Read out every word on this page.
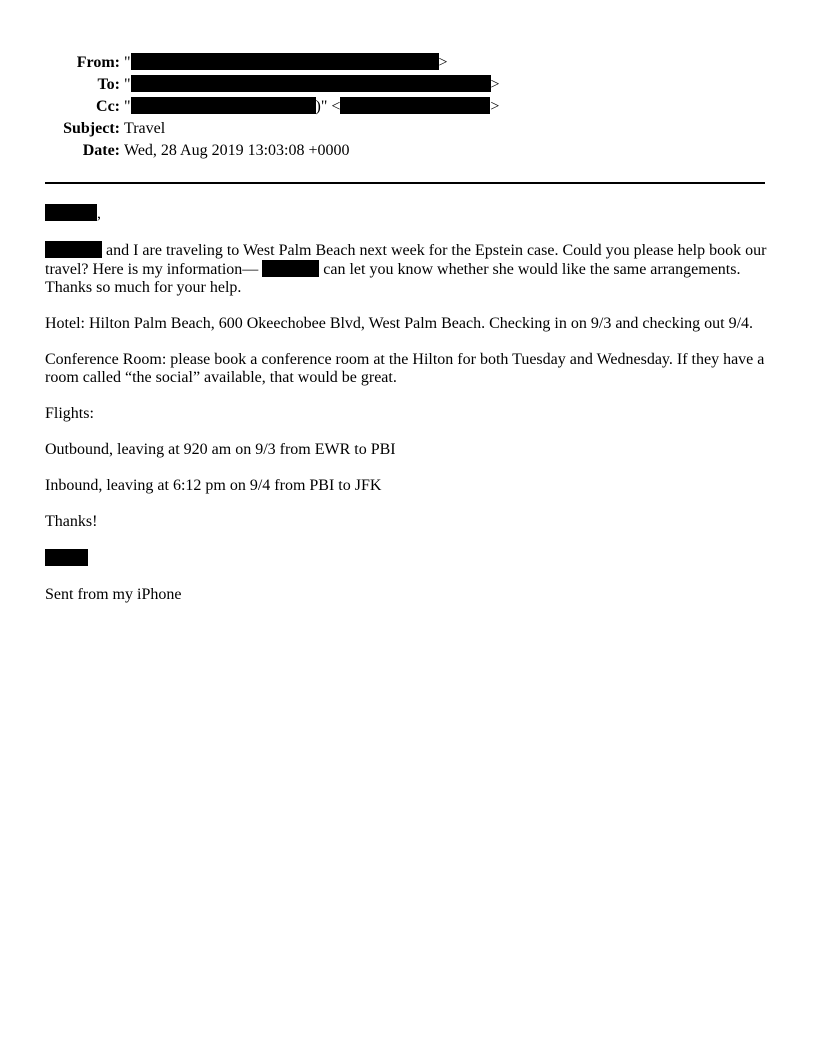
From: "	>
To: "	>
Cc: "	)" <	>
Subject: Travel
Date: Wed, 28 Aug 2019 13:03:08 +0000

,

and I are traveling to West Palm Beach next week for the Epstein case. Could you please help book our travel? Here is my information—	can let you know whether she would like the same arrangements. Thanks so much for your help.

Hotel: Hilton Palm Beach, 600 Okeechobee Blvd, West Palm Beach. Checking in on 9/3 and checking out 9/4.

Conference Room: please book a conference room at the Hilton for both Tuesday and Wednesday. If they have a room called “the social” available, that would be great.

Flights:

Outbound, leaving at 920 am on 9/3 from EWR to PBI

Inbound, leaving at 6:12 pm on 9/4 from PBI to JFK

Thanks!

Sent from my iPhone
